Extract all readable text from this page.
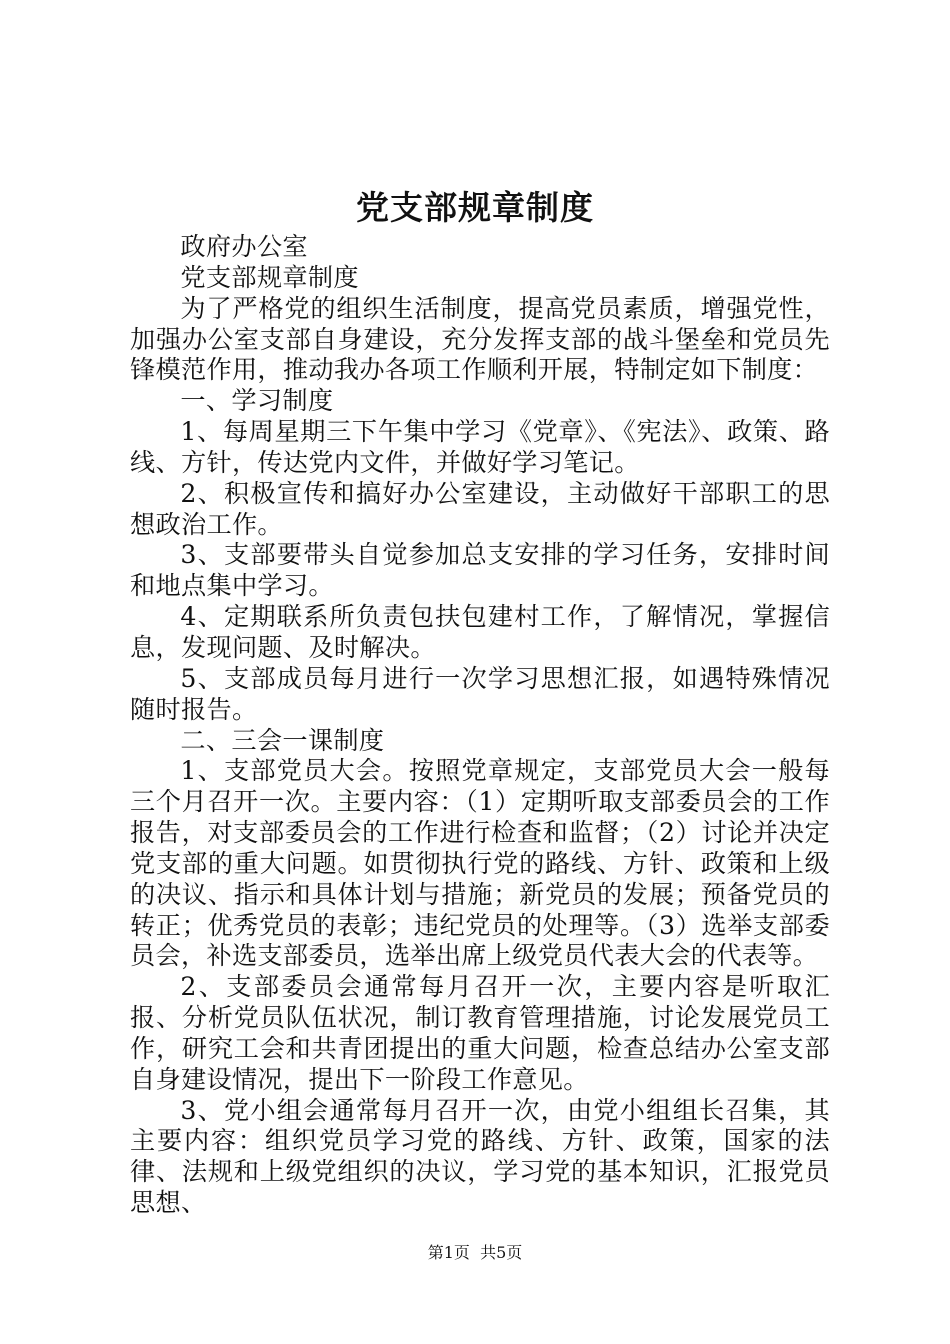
党支部规章制度

政府办公室

党支部规章制度

为了严格党的组织生活制度，提高党员素质，增强党性，加强办公室支部自身建设，充分发挥支部的战斗堡垒和党员先锋模范作用，推动我办各项工作顺利开展，特制定如下制度：

一、学习制度

1、每周星期三下午集中学习《党章》、《宪法》、政策、路线、方针，传达党内文件，并做好学习笔记。

2、积极宣传和搞好办公室建设，主动做好干部职工的思想政治工作。

3、支部要带头自觉参加总支安排的学习任务，安排时间和地点集中学习。

4、定期联系所负责包扶包建村工作，了解情况，掌握信息，发现问题、及时解决。

5、支部成员每月进行一次学习思想汇报，如遇特殊情况随时报告。

二、三会一课制度

1、支部党员大会。按照党章规定，支部党员大会一般每三个月召开一次。主要内容：（1）定期听取支部委员会的工作报告，对支部委员会的工作进行检查和监督；（2）讨论并决定党支部的重大问题。如贯彻执行党的路线、方针、政策和上级的决议、指示和具体计划与措施；新党员的发展；预备党员的转正；优秀党员的表彰；违纪党员的处理等。（3）选举支部委员会，补选支部委员，选举出席上级党员代表大会的代表等。

2、支部委员会通常每月召开一次，主要内容是听取汇报、分析党员队伍状况，制订教育管理措施，讨论发展党员工作，研究工会和共青团提出的重大问题，检查总结办公室支部自身建设情况，提出下一阶段工作意见。

3、党小组会通常每月召开一次，由党小组组长召集，其主要内容：组织党员学习党的路线、方针、政策，国家的法律、法规和上级党组织的决议，学习党的基本知识，汇报党员思想、

第1页 共5页
